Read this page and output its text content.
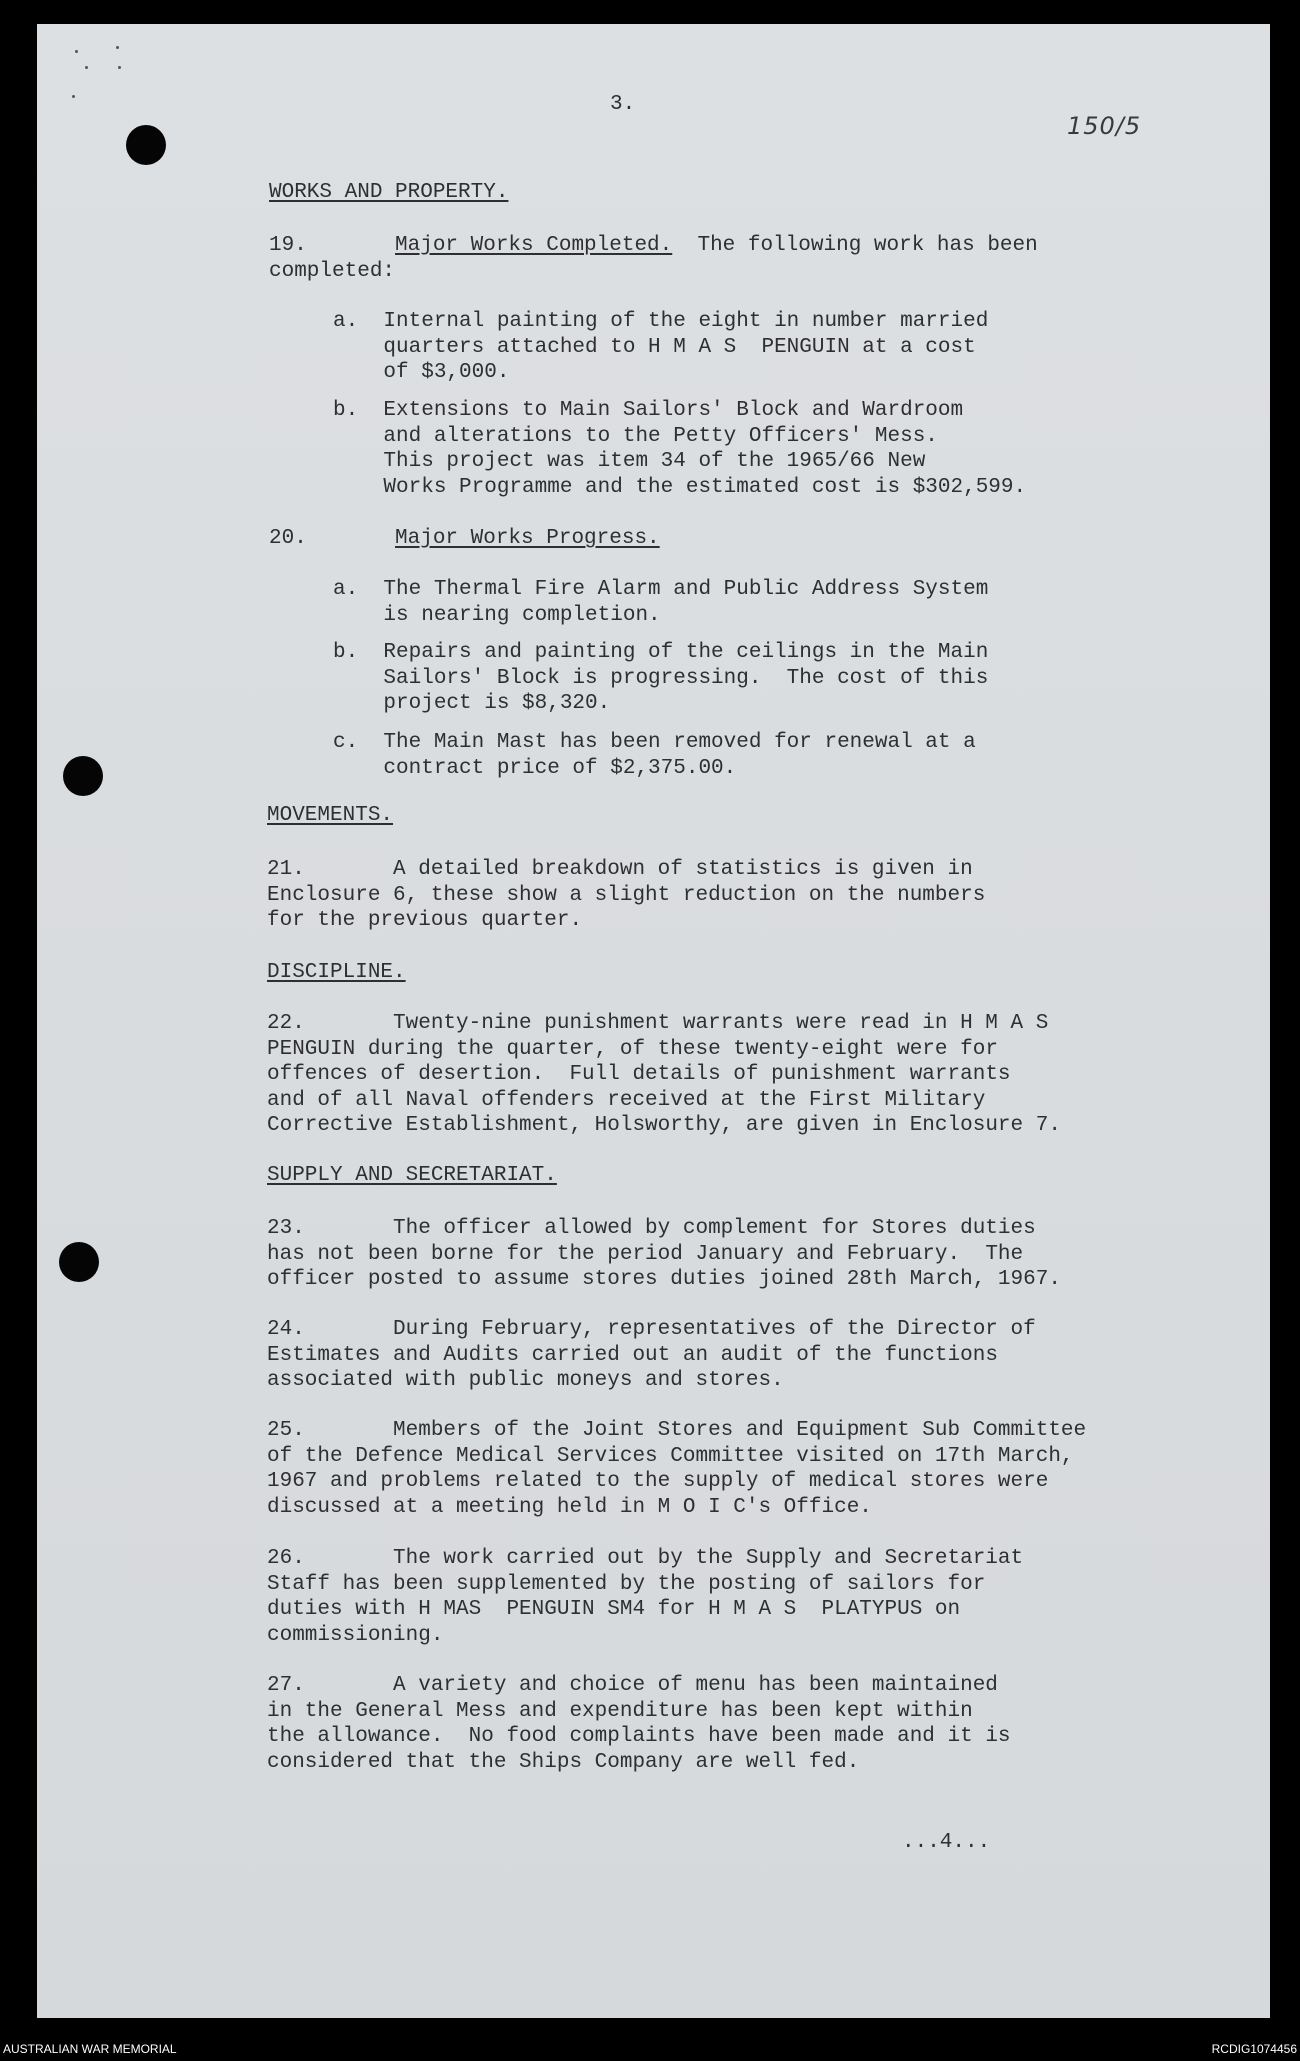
3.
150/5
WORKS AND PROPERTY.
19.	Major Works Completed.  The following work has been
completed:
a.	Internal painting of the eight in number married
quarters attached to H M A S  PENGUIN at a cost
of $3,000.
b.	Extensions to Main Sailors' Block and Wardroom
and alterations to the Petty Officers' Mess.
This project was item 34 of the 1965/66 New
Works Programme and the estimated cost is $302,599.
20.	Major Works Progress.
a.	The Thermal Fire Alarm and Public Address System
is nearing completion.
b.	Repairs and painting of the ceilings in the Main
Sailors' Block is progressing.  The cost of this
project is $8,320.
c.	The Main Mast has been removed for renewal at a
contract price of $2,375.00.
MOVEMENTS.
21.	A detailed breakdown of statistics is given in
Enclosure 6, these show a slight reduction on the numbers
for the previous quarter.
DISCIPLINE.
22.	Twenty-nine punishment warrants were read in H M A S
PENGUIN during the quarter, of these twenty-eight were for
offences of desertion.  Full details of punishment warrants
and of all Naval offenders received at the First Military
Corrective Establishment, Holsworthy, are given in Enclosure 7.
SUPPLY AND SECRETARIAT.
23.	The officer allowed by complement for Stores duties
has not been borne for the period January and February.  The
officer posted to assume stores duties joined 28th March, 1967.
24.	During February, representatives of the Director of
Estimates and Audits carried out an audit of the functions
associated with public moneys and stores.
25.	Members of the Joint Stores and Equipment Sub Committee
of the Defence Medical Services Committee visited on 17th March,
1967 and problems related to the supply of medical stores were
discussed at a meeting held in M O I C's Office.
26.	The work carried out by the Supply and Secretariat
Staff has been supplemented by the posting of sailors for
duties with H MAS  PENGUIN SM4 for H M A S  PLATYPUS on
commissioning.
27.	A variety and choice of menu has been maintained
in the General Mess and expenditure has been kept within
the allowance.  No food complaints have been made and it is
considered that the Ships Company are well fed.
...4...
AUSTRALIAN WAR MEMORIAL	RCDIG1074456
